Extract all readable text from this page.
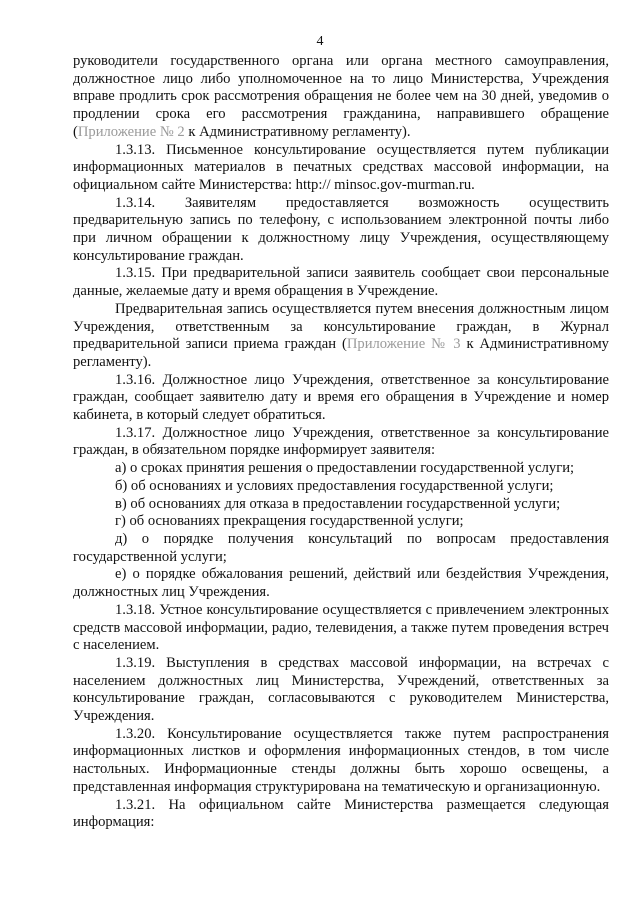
4

руководители государственного органа или органа местного самоуправления, должностное лицо либо уполномоченное на то лицо Министерства, Учреждения вправе продлить срок рассмотрения обращения не более чем на 30 дней, уведомив о продлении срока его рассмотрения гражданина, направившего обращение (Приложение № 2 к Административному регламенту).

1.3.13. Письменное консультирование осуществляется путем публикации информационных материалов в печатных средствах массовой информации, на официальном сайте Министерства: http:// minsoc.gov-murman.ru.

1.3.14. Заявителям предоставляется возможность осуществить предварительную запись по телефону, с использованием электронной почты либо при личном обращении к должностному лицу Учреждения, осуществляющему консультирование граждан.

1.3.15. При предварительной записи заявитель сообщает свои персональные данные, желаемые дату и время обращения в Учреждение.

Предварительная запись осуществляется путем внесения должностным лицом Учреждения, ответственным за консультирование граждан, в Журнал предварительной записи приема граждан (Приложение № 3 к Административному регламенту).

1.3.16. Должностное лицо Учреждения, ответственное за консультирование граждан, сообщает заявителю дату и время его обращения в Учреждение и номер кабинета, в который следует обратиться.

1.3.17. Должностное лицо Учреждения, ответственное за консультирование граждан, в обязательном порядке информирует заявителя:

а) о сроках принятия решения о предоставлении государственной услуги;

б) об основаниях и условиях предоставления государственной услуги;

в) об основаниях для отказа в предоставлении государственной услуги;

г) об основаниях прекращения государственной услуги;

д) о порядке получения консультаций по вопросам предоставления государственной услуги;

е) о порядке обжалования решений, действий или бездействия Учреждения, должностных лиц Учреждения.

1.3.18. Устное консультирование осуществляется с привлечением электронных средств массовой информации, радио, телевидения, а также путем проведения встреч с населением.

1.3.19. Выступления в средствах массовой информации, на встречах с населением должностных лиц Министерства, Учреждений, ответственных за консультирование граждан, согласовываются с руководителем Министерства, Учреждения.

1.3.20. Консультирование осуществляется также путем распространения информационных листков и оформления информационных стендов, в том числе настольных. Информационные стенды должны быть хорошо освещены, а представленная информация структурирована на тематическую и организационную.

1.3.21. На официальном сайте Министерства размещается следующая информация:
